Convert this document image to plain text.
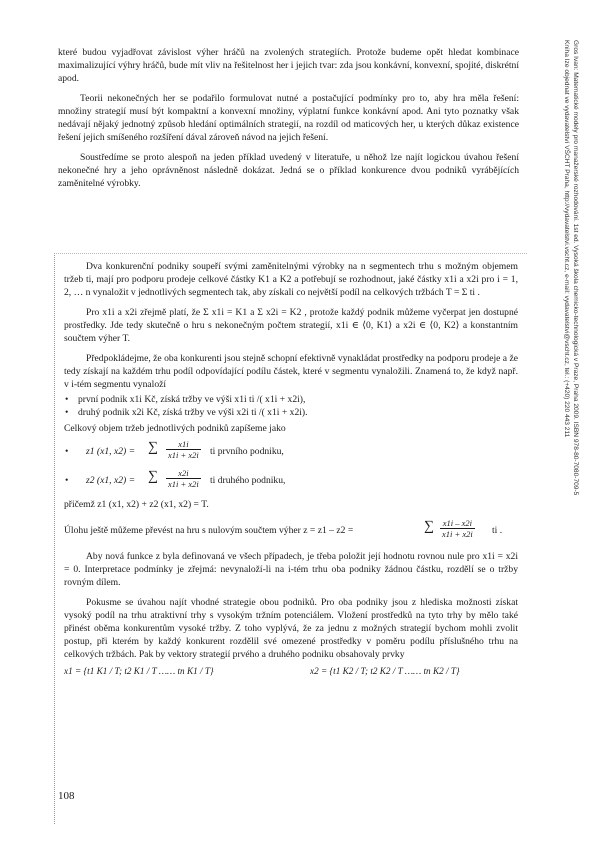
které budou vyjadřovat závislost výher hráčů na zvolených strategiích. Protože budeme opět hledat kombinace maximalizující výhry hráčů, bude mít vliv na řešitelnost her i jejich tvar: zda jsou konkávní, konvexní, spojité, diskrétní apod.

Teorii nekonečných her se podařilo formulovat nutné a postačující podmínky pro to, aby hra měla řešení: množiny strategií musí být kompaktní a konvexní množiny, výplatní funkce konkávní apod. Ani tyto poznatky však nedávají nějaký jednotný způsob hledání optimálních strategií, na rozdíl od maticových her, u kterých důkaz existence řešení jejich smíšeného rozšíření dával zároveň návod na jejich řešení.

Soustředíme se proto alespoň na jeden příklad uvedený v literatuře, u něhož lze najít logickou úvahou řešení nekonečné hry a jeho oprávněnost následně dokázat. Jedná se o příklad konkurence dvou podniků vyrábějících zaměnitelné výrobky.

Dva konkurenční podniky soupeří svými zaměnitelnými výrobky na n segmentech trhu s možným objemem tržeb ti, mají pro podporu prodeje celkové částky K1 a K2 a potřebují se rozhodnout, jaké částky x1i a x2i pro i = 1, 2, … n vynaložit v jednotlivých segmentech tak, aby získali co největší podíl na celkových tržbách T = Σ ti .

Pro x1i a x2i zřejmě platí, že Σ x1i = K1 a Σ x2i = K2 , protože každý podnik můžeme vyčerpat jen dostupné prostředky. Jde tedy skutečně o hru s nekonečným počtem strategií, x1i ∈ ⟨0, K1⟩ a x2i ∈ ⟨0, K2⟩ a konstantním součtem výher T.

Předpokládejme, že oba konkurenti jsou stejně schopní efektivně vynakládat prostředky na podporu prodeje a že tedy získají na každém trhu podíl odpovídající podílu částek, které v segmentu vynaložili. Znamená to, že když např. v i-tém segmentu vynaloží

• první podnik x1i Kč, získá tržby ve výši x1i ti /( x1i + x2i),

• druhý podnik x2i Kč, získá tržby ve výši x2i ti /( x1i + x2i).

Celkový objem tržeb jednotlivých podniků zapíšeme jako

• z1 (x1, x2) = ∑ $\frac{x1i}{x1i + x2i}$ ti prvního podniku,
• z2 (x1, x2) = ∑ $\frac{x2i}{x1i + x2i}$ ti druhého podniku,

přičemž z1 (x1, x2) + z2 (x1, x2) = T.

Úlohu ještě můžeme převést na hru s nulovým součtem výher z = z1 – z2 =	∑ $\frac{x1i - x2i}{x1i + x2i}$ ti .

Aby nová funkce z byla definovaná ve všech případech, je třeba položit její hodnotu rovnou nule pro x1i = x2i = 0. Interpretace podmínky je zřejmá: nevynaloží-li na i-tém trhu oba podniky žádnou částku, rozdělí se o tržby rovným dílem.

Pokusme se úvahou najít vhodné strategie obou podniků. Pro oba podniky jsou z hlediska možnosti získat vysoký podíl na trhu atraktivní trhy s vysokým tržním potenciálem. Vložení prostředků na tyto trhy by mělo také přinést oběma konkurentům vysoké tržby. Z toho vyplývá, že za jednu z možných strategií bychom mohli zvolit postup, při kterém by každý konkurent rozdělil své omezené prostředky v poměru podílu příslušného trhu na celkových tržbách. Pak by vektory strategií prvého a druhého podniku obsahovaly prvky

x1 = {t1 K1 / T; t2 K1 / T …… tn K1 / T}	x2 = {t1 K2 / T; t2 K2 / T …… tn K2 / T}
108
Gros Ivan: Matematické modely pro manažerské rozhodování. 1st ed. Vysoká škola chemicko-technologická v Praze, Praha 2009. ISBN 978-80-7080-709-5
Kniha Ize objednat ve vydavatelství VŠCHT Praha, http://vydavatelstvi.vscht.cz, e-mail: vydavatelstvi@vscht.cz, tel.: (+420) 220 443 211
